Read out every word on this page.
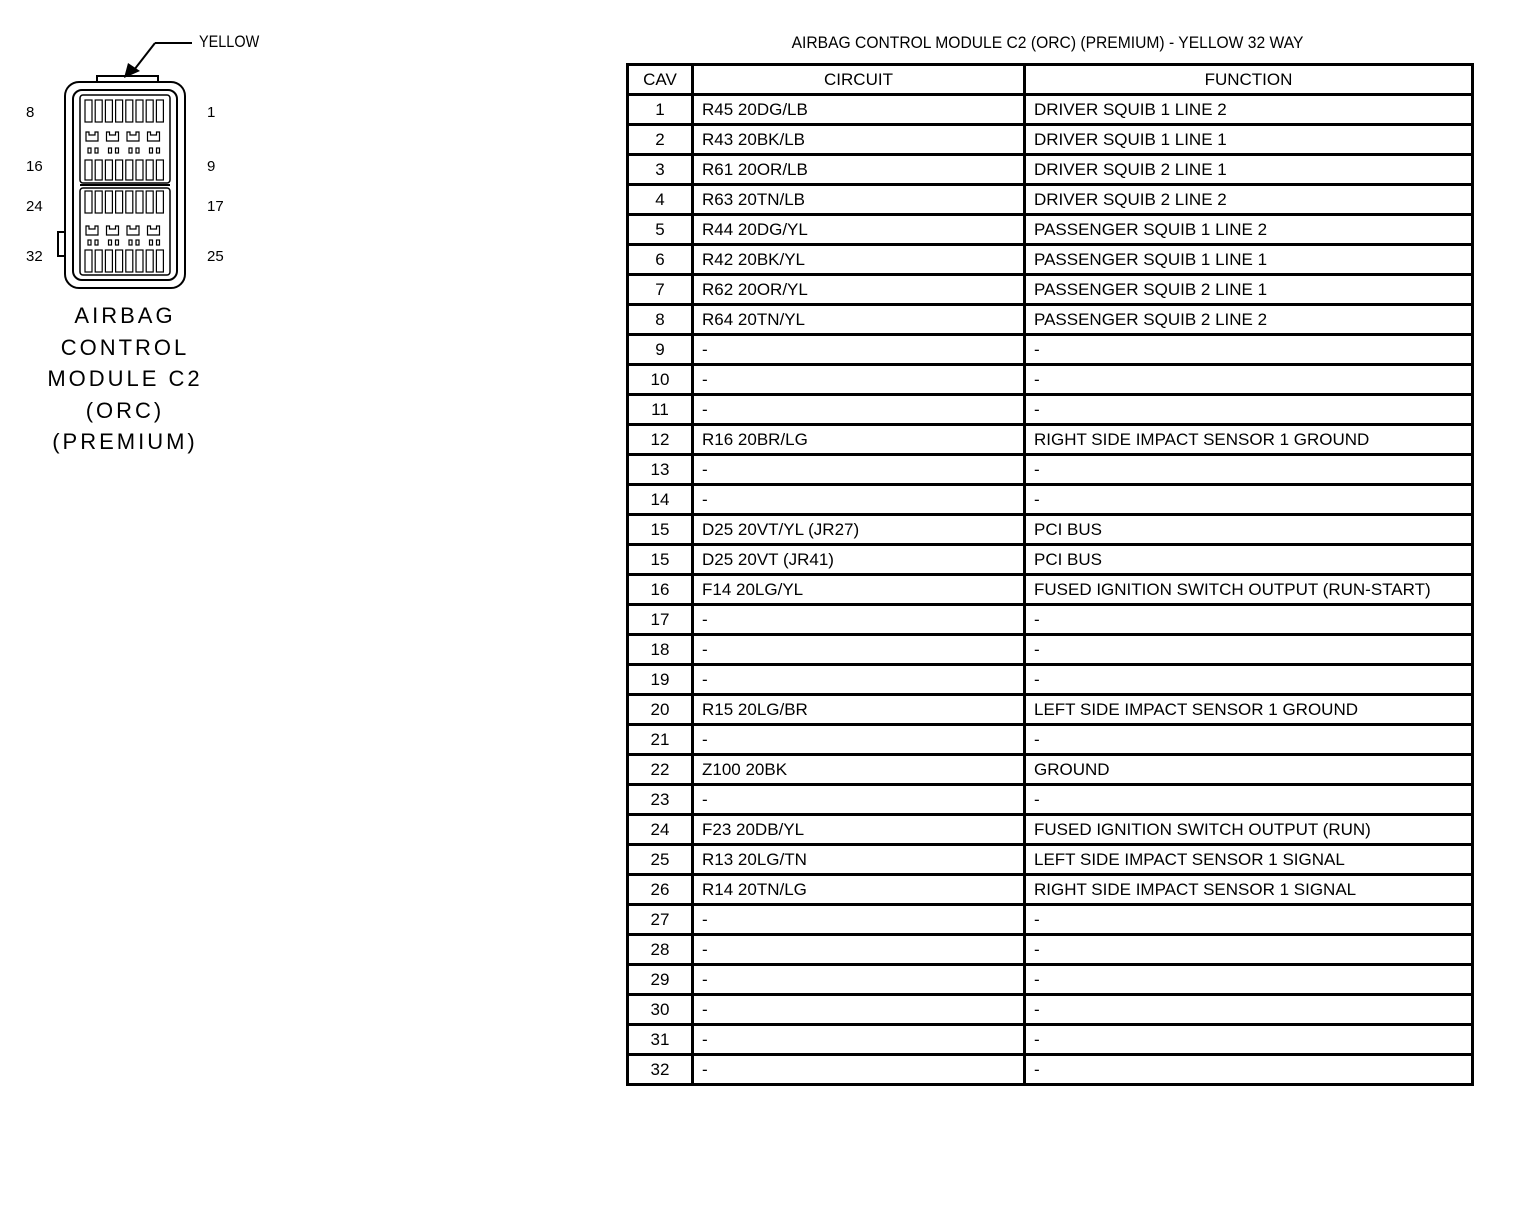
YELLOW
8	1
16	9
24	17
32	25
AIRBAG
CONTROL
MODULE C2
(ORC)
(PREMIUM)
AIRBAG CONTROL MODULE C2 (ORC) (PREMIUM) - YELLOW 32 WAY
CAV	CIRCUIT	FUNCTION
1	R45 20DG/LB	DRIVER SQUIB 1 LINE 2
2	R43 20BK/LB	DRIVER SQUIB 1 LINE 1
3	R61 20OR/LB	DRIVER SQUIB 2 LINE 1
4	R63 20TN/LB	DRIVER SQUIB 2 LINE 2
5	R44 20DG/YL	PASSENGER SQUIB 1 LINE 2
6	R42 20BK/YL	PASSENGER SQUIB 1 LINE 1
7	R62 20OR/YL	PASSENGER SQUIB 2 LINE 1
8	R64 20TN/YL	PASSENGER SQUIB 2 LINE 2
9	-	-
10	-	-
11	-	-
12	R16 20BR/LG	RIGHT SIDE IMPACT SENSOR 1 GROUND
13	-	-
14	-	-
15	D25 20VT/YL (JR27)	PCI BUS
15	D25 20VT (JR41)	PCI BUS
16	F14 20LG/YL	FUSED IGNITION SWITCH OUTPUT (RUN-START)
17	-	-
18	-	-
19	-	-
20	R15 20LG/BR	LEFT SIDE IMPACT SENSOR 1 GROUND
21	-	-
22	Z100 20BK	GROUND
23	-	-
24	F23 20DB/YL	FUSED IGNITION SWITCH OUTPUT (RUN)
25	R13 20LG/TN	LEFT SIDE IMPACT SENSOR 1 SIGNAL
26	R14 20TN/LG	RIGHT SIDE IMPACT SENSOR 1 SIGNAL
27	-	-
28	-	-
29	-	-
30	-	-
31	-	-
32	-	-
